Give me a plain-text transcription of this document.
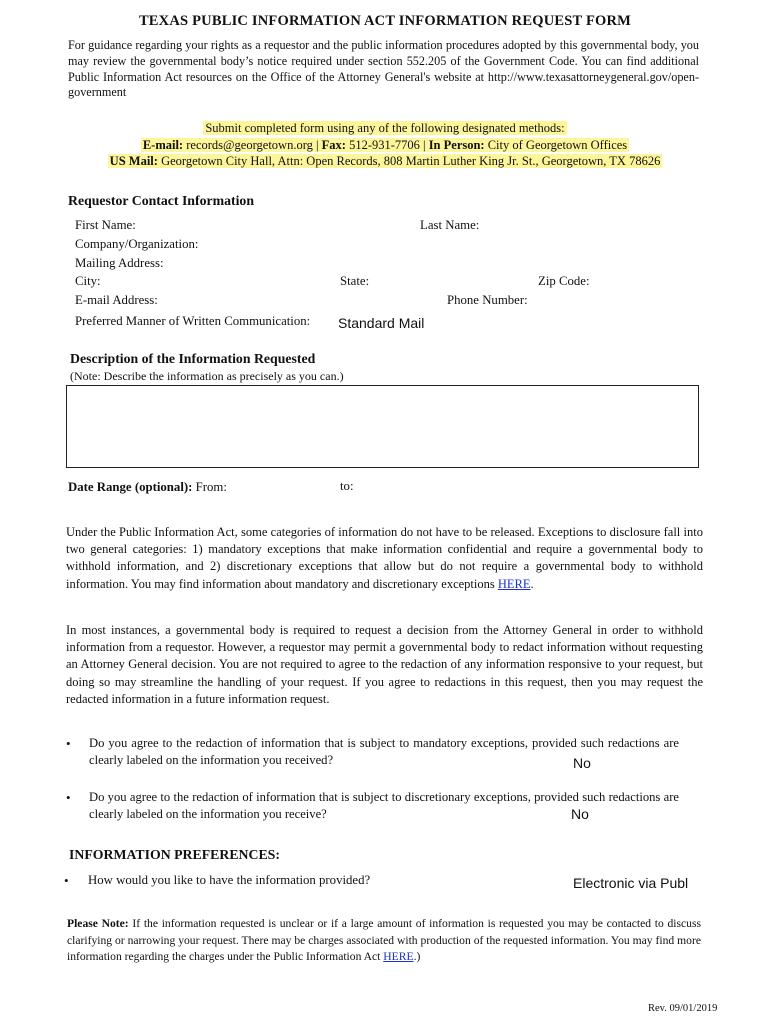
TEXAS PUBLIC INFORMATION ACT INFORMATION REQUEST FORM
For guidance regarding your rights as a requestor and the public information procedures adopted by this governmental body, you may review the governmental body’s notice required under section 552.205 of the Government Code. You can find additional Public Information Act resources on the Office of the Attorney General's website at http://www.texasattorneygeneral.gov/open-government
Submit completed form using any of the following designated methods:
E-mail: records@georgetown.org | Fax: 512-931-7706 | In Person: City of Georgetown Offices
US Mail: Georgetown City Hall, Attn: Open Records, 808 Martin Luther King Jr. St., Georgetown, TX 78626
Requestor Contact Information
First Name:	Last Name:
Company/Organization:
Mailing Address:
City:	State:	Zip Code:
E-mail Address:	Phone Number:
Preferred Manner of Written Communication: Standard Mail
Description of the Information Requested
(Note: Describe the information as precisely as you can.)
Date Range (optional): From:	to:
Under the Public Information Act, some categories of information do not have to be released. Exceptions to disclosure fall into two general categories: 1) mandatory exceptions that make information confidential and require a governmental body to withhold information, and 2) discretionary exceptions that allow but do not require a governmental body to withhold information. You may find information about mandatory and discretionary exceptions HERE.
In most instances, a governmental body is required to request a decision from the Attorney General in order to withhold information from a requestor. However, a requestor may permit a governmental body to redact information without requesting an Attorney General decision. You are not required to agree to the redaction of any information responsive to your request, but doing so may streamline the handling of your request. If you agree to redactions in this request, then you may request the redacted information in a future information request.
• Do you agree to the redaction of information that is subject to mandatory exceptions, provided such redactions are clearly labeled on the information you received?	No
• Do you agree to the redaction of information that is subject to discretionary exceptions, provided such redactions are clearly labeled on the information you receive?	No
INFORMATION PREFERENCES:
• How would you like to have the information provided?	Electronic via Publ
Please Note: If the information requested is unclear or if a large amount of information is requested you may be contacted to discuss clarifying or narrowing your request. There may be charges associated with production of the requested information. You may find more information regarding the charges under the Public Information Act HERE.)
Rev. 09/01/2019
